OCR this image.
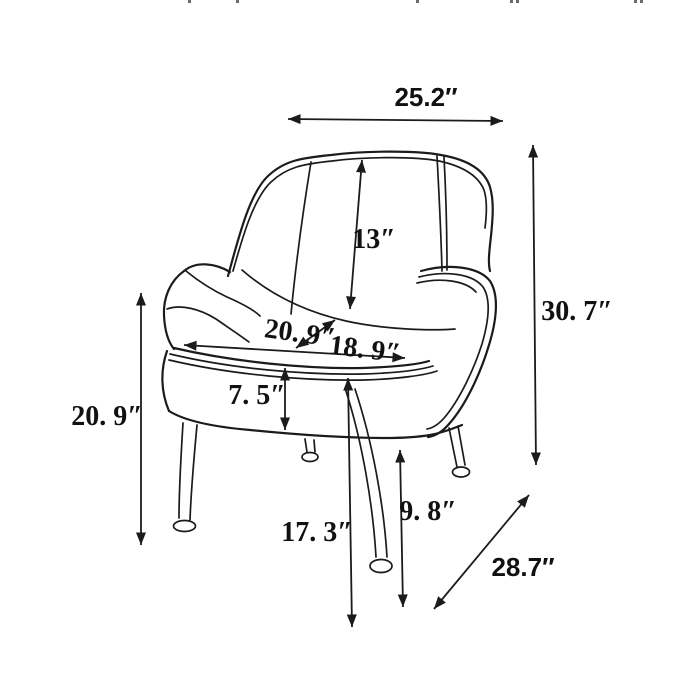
25.2″
30. 7″
20. 9″
13″
20. 9″
18. 9″
7. 5″
17. 3″
9. 8″
28.7″
